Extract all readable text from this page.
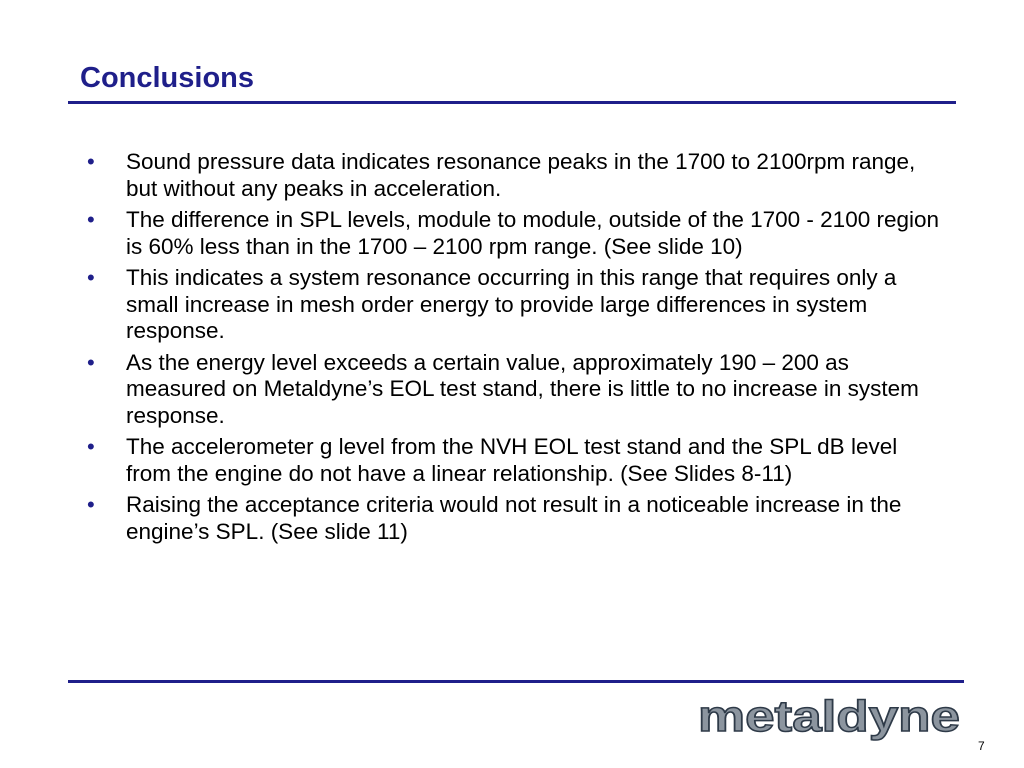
Conclusions
•	Sound pressure data indicates resonance peaks in the 1700 to 2100rpm range, but without any peaks in acceleration.
•	The difference in SPL levels, module to module, outside of the 1700 - 2100 region is 60% less than in the 1700 – 2100 rpm range. (See slide 10)
•	This indicates a system resonance occurring in this range that requires only a small increase in mesh order energy to provide large differences in system response.
•	As the energy level exceeds a certain value, approximately 190 – 200 as measured on Metaldyne’s EOL test stand, there is little to no increase in system response.
•	The accelerometer g level from the NVH EOL test stand and the SPL dB level from the engine do not have a linear relationship. (See Slides 8-11)
•	Raising the acceptance criteria would not result in a noticeable increase in the engine’s SPL. (See slide 11)
metaldyne
7
